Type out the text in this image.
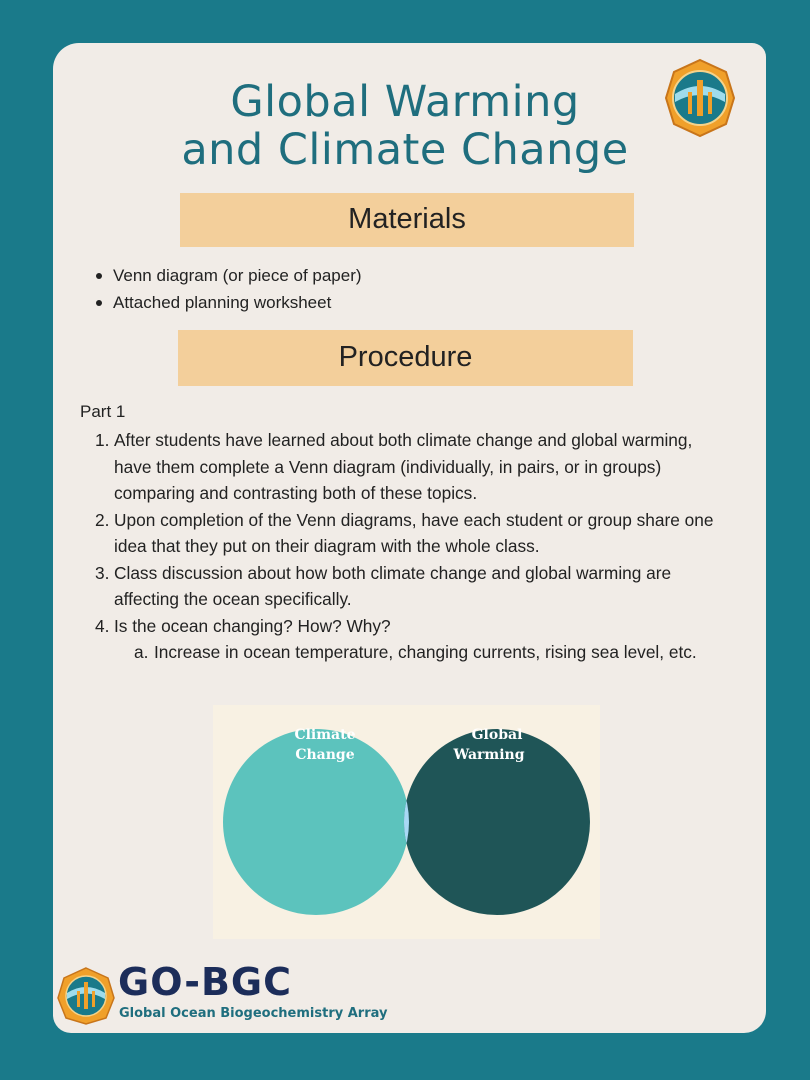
Global Warming
and Climate Change
Materials
Venn diagram (or piece of paper)
Attached planning worksheet
Procedure
Part 1
1. After students have learned about both climate change and global warming, have them complete a Venn diagram (individually, in pairs, or in groups) comparing and contrasting both of these topics.
2. Upon completion of the Venn diagrams, have each student or group share one idea that they put on their diagram with the whole class.
3. Class discussion about how both climate change and global warming are affecting the ocean specifically.
4. Is the ocean changing? How? Why?
a. Increase in ocean temperature, changing currents, rising sea level, etc.
Climate
Change
Global
Warming
GO-BGC
Global Ocean Biogeochemistry Array
